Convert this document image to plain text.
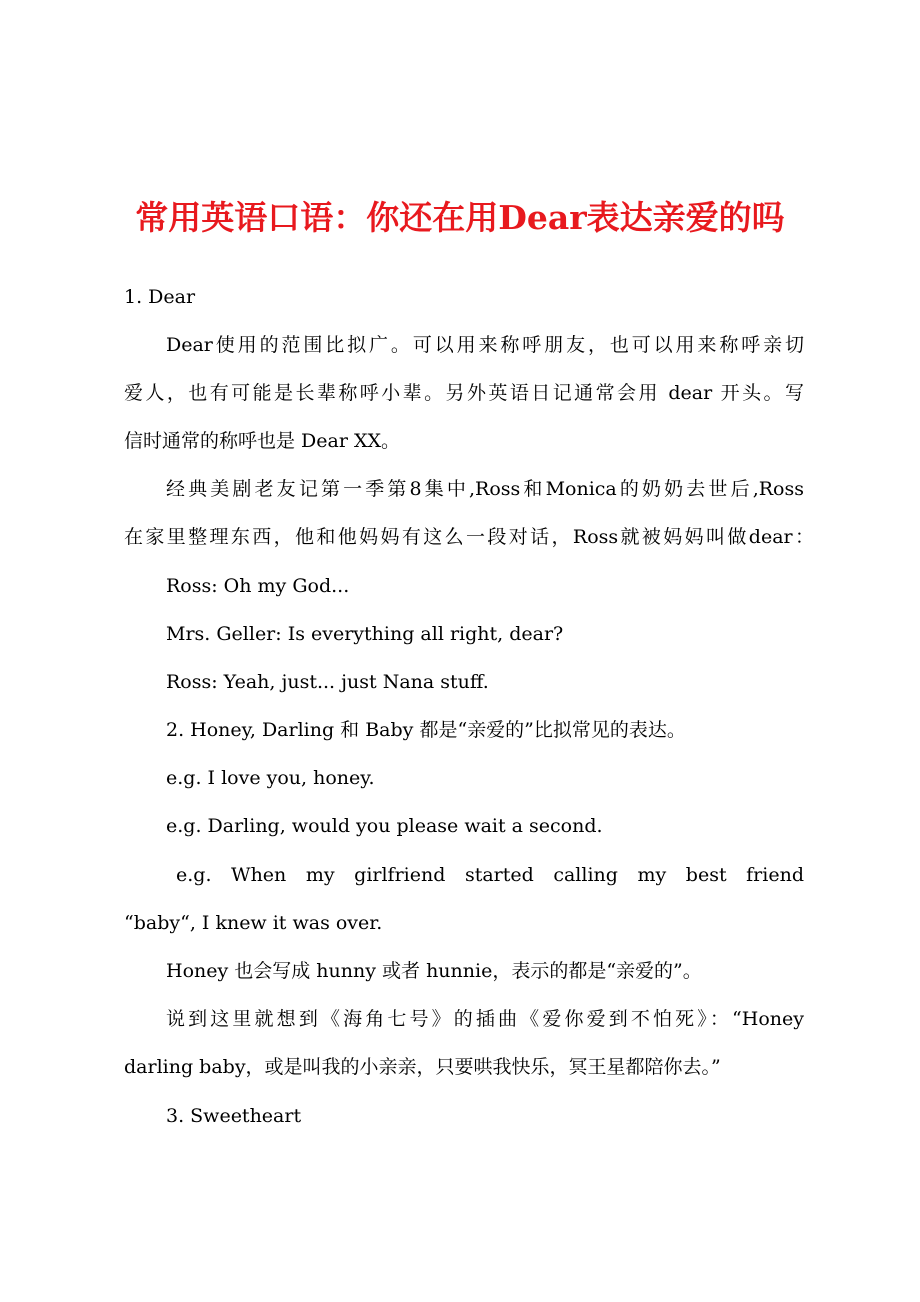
常用英语口语：你还在用Dear表达亲爱的吗
1. Dear
Dear使用的范围比拟广。可以用来称呼朋友，也可以用来称呼亲切
爱人，也有可能是长辈称呼小辈。另外英语日记通常会用 dear 开头。写
信时通常的称呼也是 Dear XX。
经典美剧老友记第一季第8集中,Ross和Monica的奶奶去世后,Ross
在家里整理东西，他和他妈妈有这么一段对话，Ross就被妈妈叫做dear：
Ross: Oh my God...
Mrs. Geller: Is everything all right, dear?
Ross: Yeah, just... just Nana stuff.
2. Honey, Darling 和 Baby 都是“亲爱的”比拟常见的表达。
e.g. I love you, honey.
e.g. Darling, would you please wait a second.
e.g. When my girlfriend started calling my best friend
“baby“, I knew it was over.
Honey 也会写成 hunny 或者 hunnie，表示的都是“亲爱的”。
说到这里就想到《海角七号》的插曲《爱你爱到不怕死》：“Honey
darling baby，或是叫我的小亲亲，只要哄我快乐，冥王星都陪你去。”
3. Sweetheart
